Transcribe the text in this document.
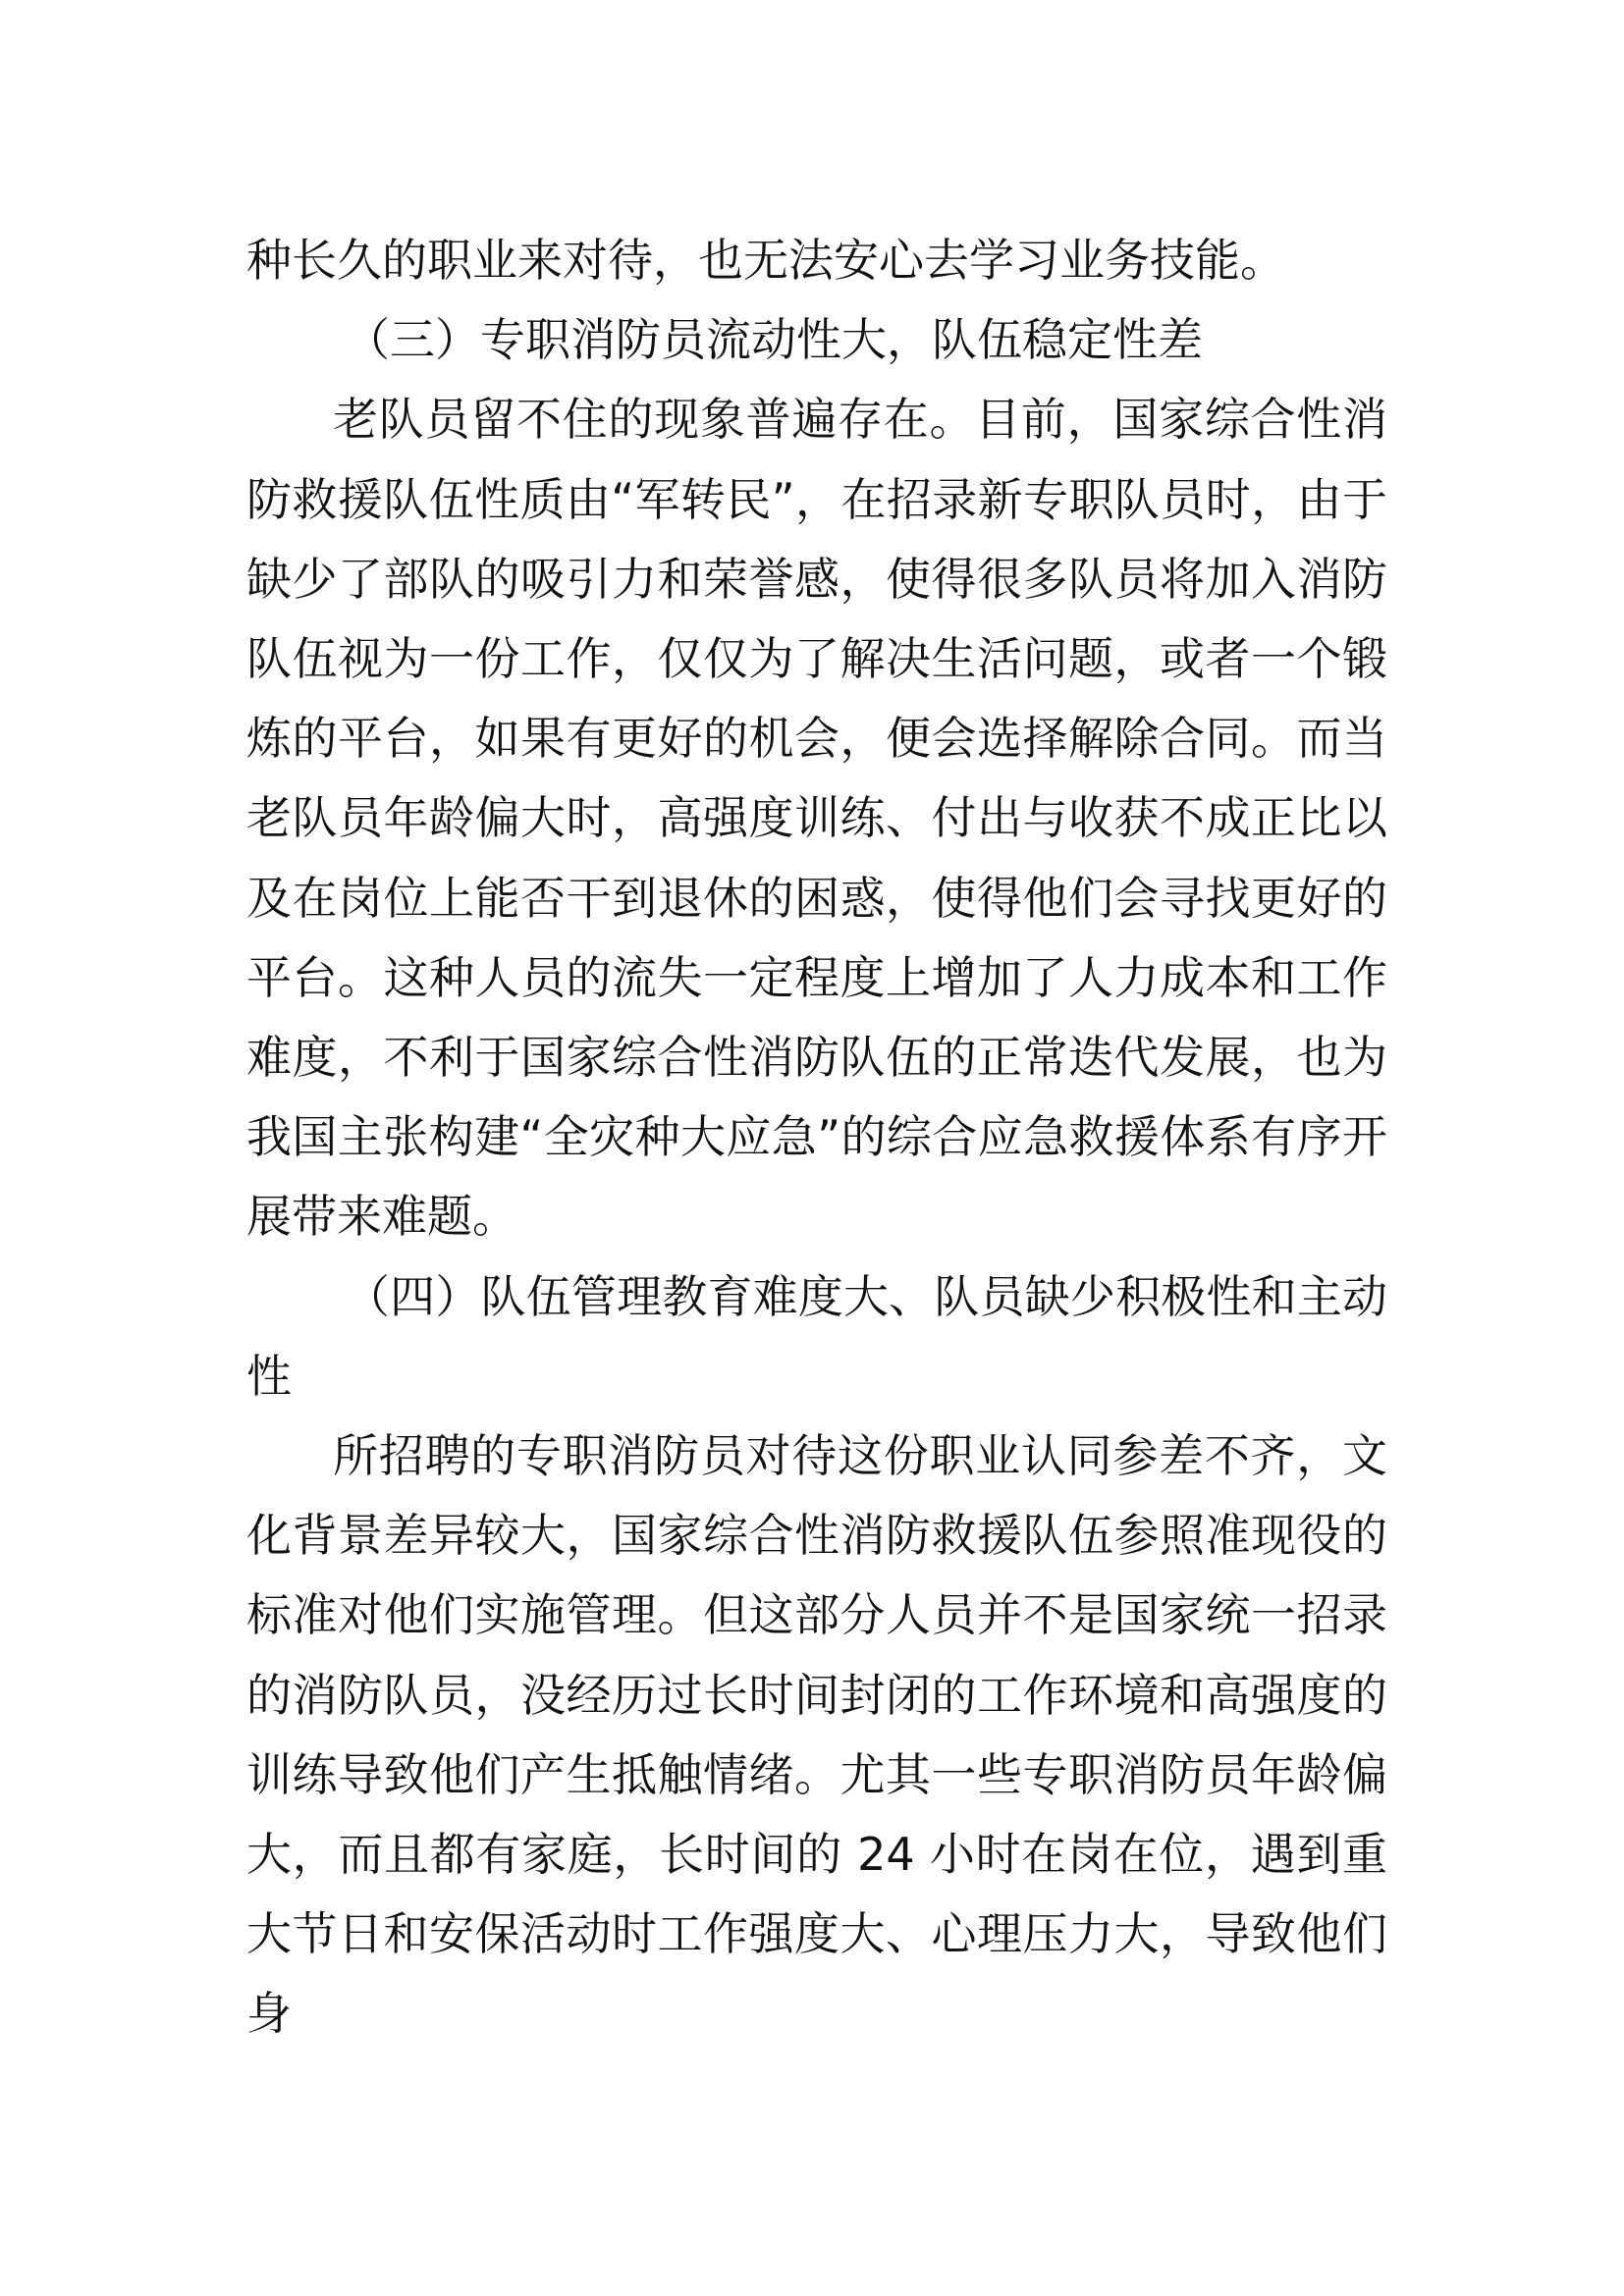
种长久的职业来对待，也无法安心去学习业务技能。

（三）专职消防员流动性大，队伍稳定性差

老队员留不住的现象普遍存在。目前，国家综合性消防救援队伍性质由“军转民”，在招录新专职队员时，由于缺少了部队的吸引力和荣誉感，使得很多队员将加入消防队伍视为一份工作，仅仅为了解决生活问题，或者一个锻炼的平台，如果有更好的机会，便会选择解除合同。而当老队员年龄偏大时，高强度训练、付出与收获不成正比以及在岗位上能否干到退休的困惑，使得他们会寻找更好的平台。这种人员的流失一定程度上增加了人力成本和工作难度，不利于国家综合性消防队伍的正常迭代发展，也为我国主张构建“全灾种大应急”的综合应急救援体系有序开展带来难题。

（四）队伍管理教育难度大、队员缺少积极性和主动性

所招聘的专职消防员对待这份职业认同参差不齐，文化背景差异较大，国家综合性消防救援队伍参照准现役的标准对他们实施管理。但这部分人员并不是国家统一招录的消防队员，没经历过长时间封闭的工作环境和高强度的训练导致他们产生抵触情绪。尤其一些专职消防员年龄偏大，而且都有家庭，长时间的 24 小时在岗在位，遇到重大节日和安保活动时工作强度大、心理压力大，导致他们身
